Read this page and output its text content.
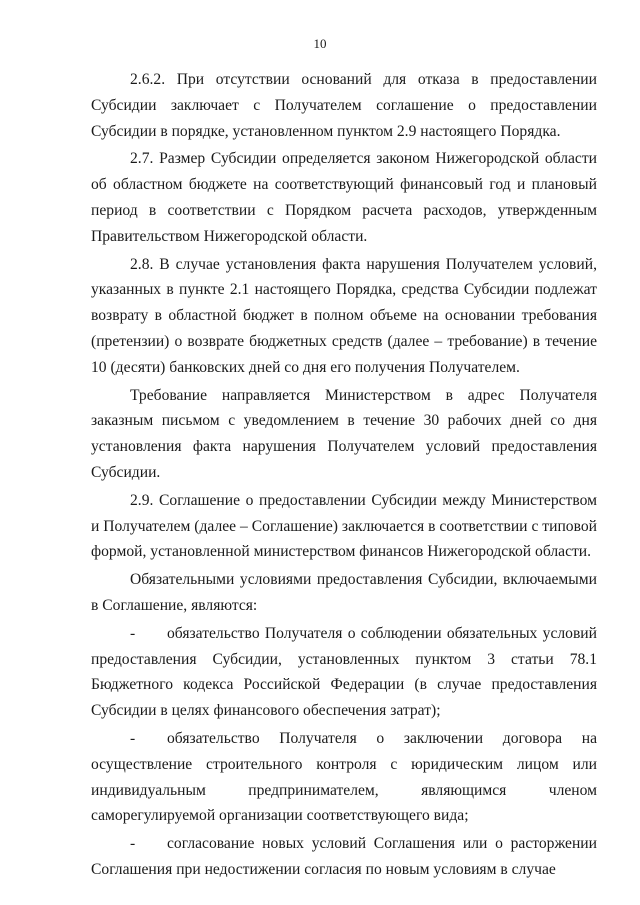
10

2.6.2. При отсутствии оснований для отказа в предоставлении Субсидии заключает с Получателем соглашение о предоставлении Субсидии в порядке, установленном пунктом 2.9 настоящего Порядка.

2.7. Размер Субсидии определяется законом Нижегородской области об областном бюджете на соответствующий финансовый год и плановый период в соответствии с Порядком расчета расходов, утвержденным Правительством Нижегородской области.

2.8. В случае установления факта нарушения Получателем условий, указанных в пункте 2.1 настоящего Порядка, средства Субсидии подлежат возврату в областной бюджет в полном объеме на основании требования (претензии) о возврате бюджетных средств (далее – требование) в течение 10 (десяти) банковских дней со дня его получения Получателем.

Требование направляется Министерством в адрес Получателя заказным письмом с уведомлением в течение 30 рабочих дней со дня установления факта нарушения Получателем условий предоставления Субсидии.

2.9. Соглашение о предоставлении Субсидии между Министерством и Получателем (далее – Соглашение) заключается в соответствии с типовой формой, установленной министерством финансов Нижегородской области.

Обязательными условиями предоставления Субсидии, включаемыми в Соглашение, являются:

- обязательство Получателя о соблюдении обязательных условий предоставления Субсидии, установленных пунктом 3 статьи 78.1 Бюджетного кодекса Российской Федерации (в случае предоставления Субсидии в целях финансового обеспечения затрат);

- обязательство Получателя о заключении договора на осуществление строительного контроля с юридическим лицом или индивидуальным предпринимателем, являющимся членом саморегулируемой организации соответствующего вида;

- согласование новых условий Соглашения или о расторжении Соглашения при недостижении согласия по новым условиям в случае
